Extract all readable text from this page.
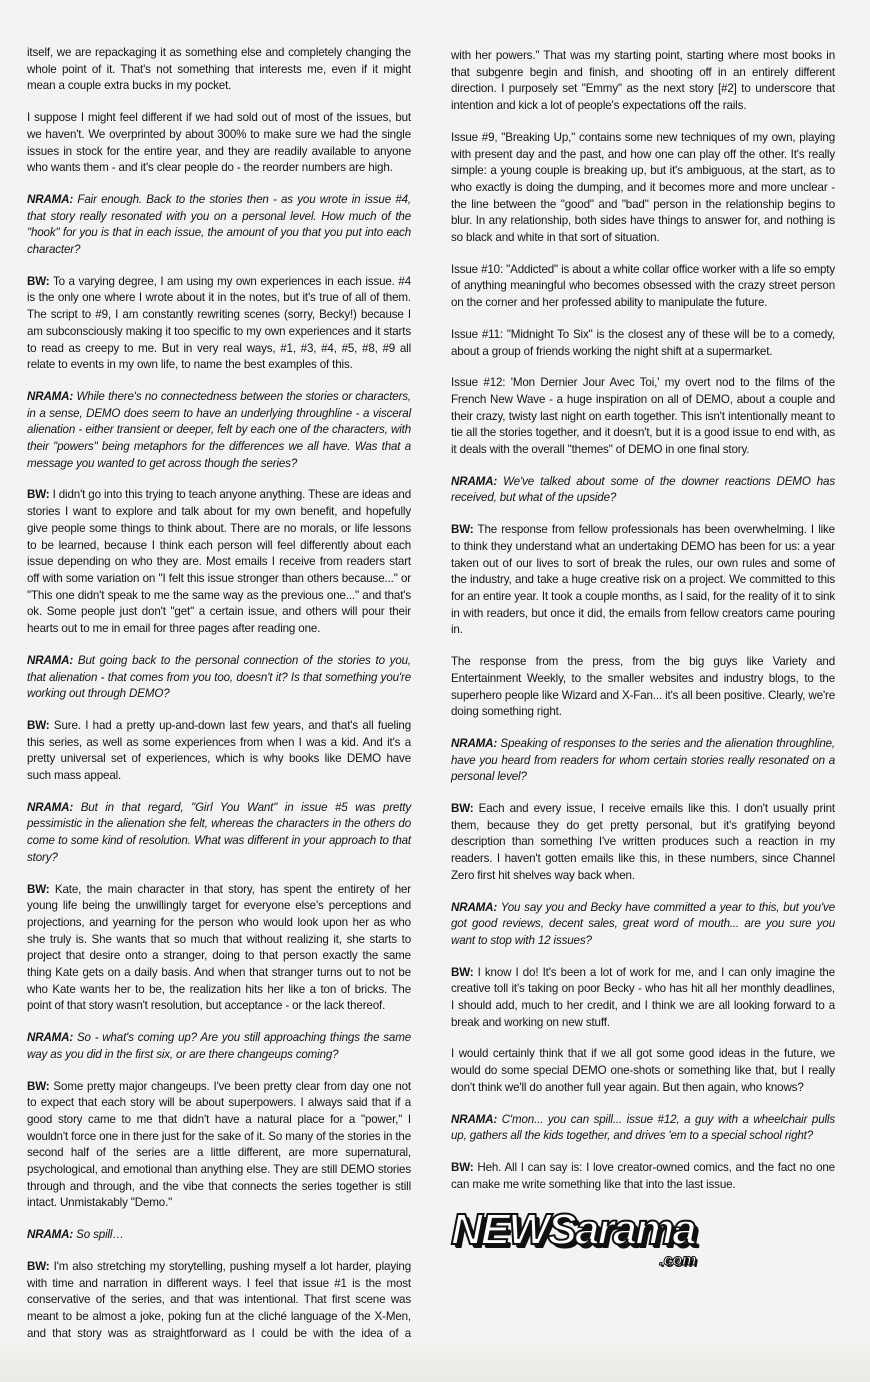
itself, we are repackaging it as something else and completely changing the whole point of it. That's not something that interests me, even if it might mean a couple extra bucks in my pocket.

I suppose I might feel different if we had sold out of most of the issues, but we haven't. We overprinted by about 300% to make sure we had the single issues in stock for the entire year, and they are readily available to anyone who wants them - and it's clear people do - the reorder numbers are high.

NRAMA: Fair enough. Back to the stories then - as you wrote in issue #4, that story really resonated with you on a personal level. How much of the "hook" for you is that in each issue, the amount of you that you put into each character?

BW: To a varying degree, I am using my own experiences in each issue. #4 is the only one where I wrote about it in the notes, but it's true of all of them. The script to #9, I am constantly rewriting scenes (sorry, Becky!) because I am subconsciously making it too specific to my own experiences and it starts to read as creepy to me. But in very real ways, #1, #3, #4, #5, #8, #9 all relate to events in my own life, to name the best examples of this.

NRAMA: While there's no connectedness between the stories or characters, in a sense, DEMO does seem to have an underlying throughline - a visceral alienation - either transient or deeper, felt by each one of the characters, with their "powers" being metaphors for the differences we all have. Was that a message you wanted to get across though the series?

BW: I didn't go into this trying to teach anyone anything. These are ideas and stories I want to explore and talk about for my own benefit, and hopefully give people some things to think about. There are no morals, or life lessons to be learned, because I think each person will feel differently about each issue depending on who they are. Most emails I receive from readers start off with some variation on "I felt this issue stronger than others because..." or "This one didn't speak to me the same way as the previous one..." and that's ok. Some people just don't "get" a certain issue, and others will pour their hearts out to me in email for three pages after reading one.

NRAMA: But going back to the personal connection of the stories to you, that alienation - that comes from you too, doesn't it? Is that something you're working out through DEMO?

BW: Sure. I had a pretty up-and-down last few years, and that's all fueling this series, as well as some experiences from when I was a kid. And it's a pretty universal set of experiences, which is why books like DEMO have such mass appeal.

NRAMA: But in that regard, "Girl You Want" in issue #5 was pretty pessimistic in the alienation she felt, whereas the characters in the others do come to some kind of resolution. What was different in your approach to that story?

BW: Kate, the main character in that story, has spent the entirety of her young life being the unwillingly target for everyone else's perceptions and projections, and yearning for the person who would look upon her as who she truly is. She wants that so much that without realizing it, she starts to project that desire onto a stranger, doing to that person exactly the same thing Kate gets on a daily basis. And when that stranger turns out to not be who Kate wants her to be, the realization hits her like a ton of bricks. The point of that story wasn't resolution, but acceptance - or the lack thereof.

NRAMA: So - what's coming up? Are you still approaching things the same way as you did in the first six, or are there changeups coming?

BW: Some pretty major changeups. I've been pretty clear from day one not to expect that each story will be about superpowers. I always said that if a good story came to me that didn't have a natural place for a "power," I wouldn't force one in there just for the sake of it. So many of the stories in the second half of the series are a little different, are more supernatural, psychological, and emotional than anything else. They are still DEMO stories through and through, and the vibe that connects the series together is still intact. Unmistakably "Demo."

NRAMA: So spill…

BW: I'm also stretching my storytelling, pushing myself a lot harder, playing with time and narration in different ways. I feel that issue #1 is the most conservative of the series, and that was intentional. That first scene was meant to be almost a joke, poking fun at the cliché language of the X-Men, and that story was as straightforward as I could be with the idea of a

with her powers." That was my starting point, starting where most books in that subgenre begin and finish, and shooting off in an entirely different direction. I purposely set "Emmy" as the next story [#2] to underscore that intention and kick a lot of people's expectations off the rails.

Issue #9, "Breaking Up," contains some new techniques of my own, playing with present day and the past, and how one can play off the other. It's really simple: a young couple is breaking up, but it's ambiguous, at the start, as to who exactly is doing the dumping, and it becomes more and more unclear - the line between the "good" and "bad" person in the relationship begins to blur. In any relationship, both sides have things to answer for, and nothing is so black and white in that sort of situation.

Issue #10: "Addicted" is about a white collar office worker with a life so empty of anything meaningful who becomes obsessed with the crazy street person on the corner and her professed ability to manipulate the future.

Issue #11: "Midnight To Six" is the closest any of these will be to a comedy, about a group of friends working the night shift at a supermarket.

Issue #12: 'Mon Dernier Jour Avec Toi,' my overt nod to the films of the French New Wave - a huge inspiration on all of DEMO, about a couple and their crazy, twisty last night on earth together. This isn't intentionally meant to tie all the stories together, and it doesn't, but it is a good issue to end with, as it deals with the overall "themes" of DEMO in one final story.

NRAMA: We've talked about some of the downer reactions DEMO has received, but what of the upside?

BW: The response from fellow professionals has been overwhelming. I like to think they understand what an undertaking DEMO has been for us: a year taken out of our lives to sort of break the rules, our own rules and some of the industry, and take a huge creative risk on a project. We committed to this for an entire year. It took a couple months, as I said, for the reality of it to sink in with readers, but once it did, the emails from fellow creators came pouring in.

The response from the press, from the big guys like Variety and Entertainment Weekly, to the smaller websites and industry blogs, to the superhero people like Wizard and X-Fan... it's all been positive. Clearly, we're doing something right.

NRAMA: Speaking of responses to the series and the alienation throughline, have you heard from readers for whom certain stories really resonated on a personal level?

BW: Each and every issue, I receive emails like this. I don't usually print them, because they do get pretty personal, but it's gratifying beyond description than something I've written produces such a reaction in my readers. I haven't gotten emails like this, in these numbers, since Channel Zero first hit shelves way back when.

NRAMA: You say you and Becky have committed a year to this, but you've got good reviews, decent sales, great word of mouth... are you sure you want to stop with 12 issues?

BW: I know I do! It's been a lot of work for me, and I can only imagine the creative toll it's taking on poor Becky - who has hit all her monthly deadlines, I should add, much to her credit, and I think we are all looking forward to a break and working on new stuff.

I would certainly think that if we all got some good ideas in the future, we would do some special DEMO one-shots or something like that, but I really don't think we'll do another full year again. But then again, who knows?

NRAMA: C'mon... you can spill... issue #12, a guy with a wheelchair pulls up, gathers all the kids together, and drives 'em to a special school right?

BW: Heh. All I can say is: I love creator-owned comics, and the fact no one can make me write something like that into the last issue.

NEWSarama
.com
